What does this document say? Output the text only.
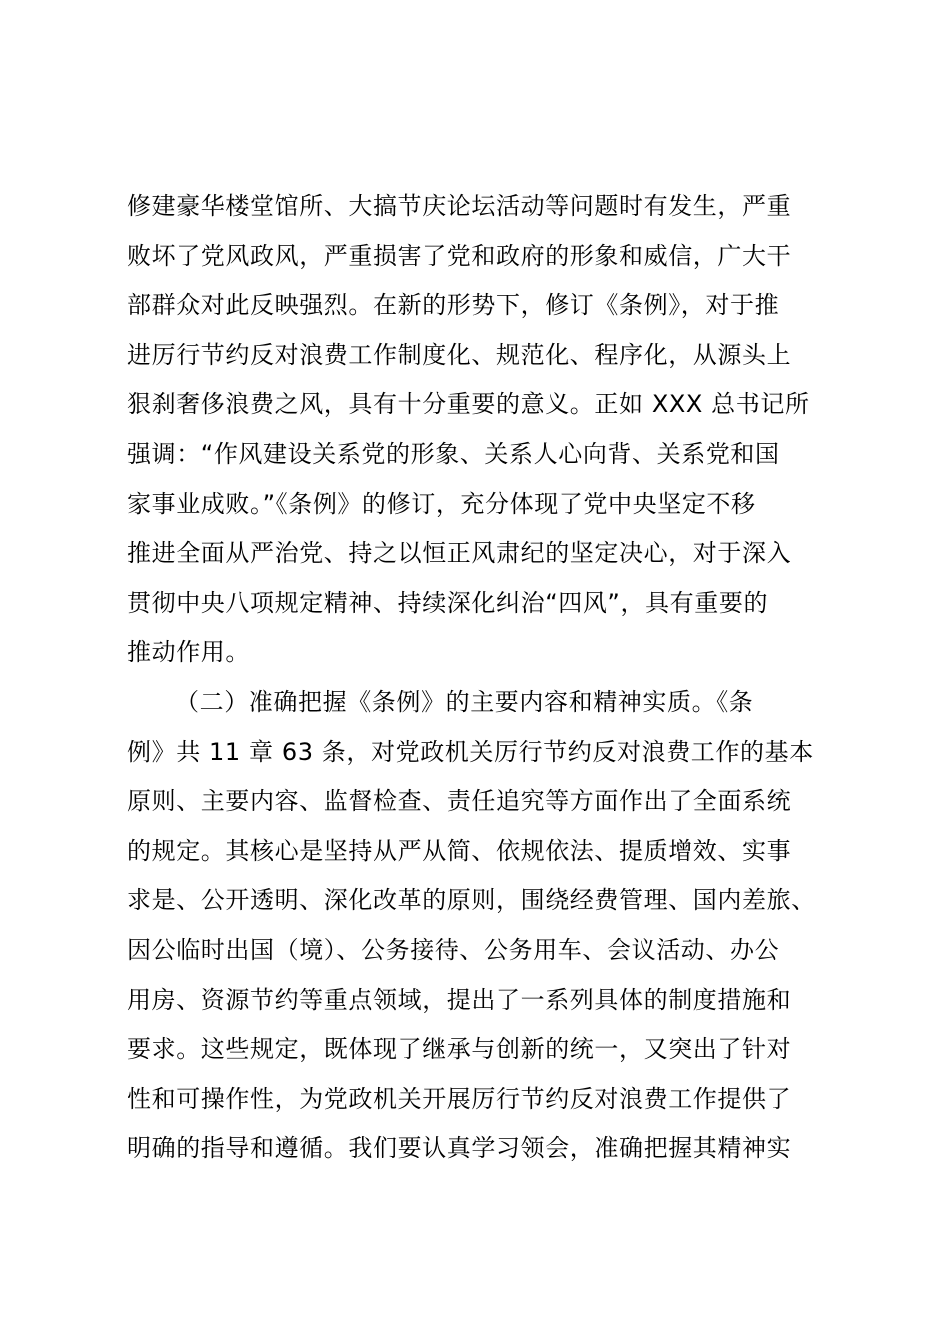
修建豪华楼堂馆所、大搞节庆论坛活动等问题时有发生，严重
败坏了党风政风，严重损害了党和政府的形象和威信，广大干
部群众对此反映强烈。在新的形势下，修订《条例》，对于推
进厉行节约反对浪费工作制度化、规范化、程序化，从源头上
狠刹奢侈浪费之风，具有十分重要的意义。正如 XXX 总书记所
强调：“作风建设关系党的形象、关系人心向背、关系党和国
家事业成败。”《条例》的修订，充分体现了党中央坚定不移
推进全面从严治党、持之以恒正风肃纪的坚定决心，对于深入
贯彻中央八项规定精神、持续深化纠治“四风”，具有重要的
推动作用。
（二）准确把握《条例》的主要内容和精神实质。《条
例》共 11 章 63 条，对党政机关厉行节约反对浪费工作的基本
原则、主要内容、监督检查、责任追究等方面作出了全面系统
的规定。其核心是坚持从严从简、依规依法、提质增效、实事
求是、公开透明、深化改革的原则，围绕经费管理、国内差旅、
因公临时出国（境）、公务接待、公务用车、会议活动、办公
用房、资源节约等重点领域，提出了一系列具体的制度措施和
要求。这些规定，既体现了继承与创新的统一，又突出了针对
性和可操作性，为党政机关开展厉行节约反对浪费工作提供了
明确的指导和遵循。我们要认真学习领会，准确把握其精神实
